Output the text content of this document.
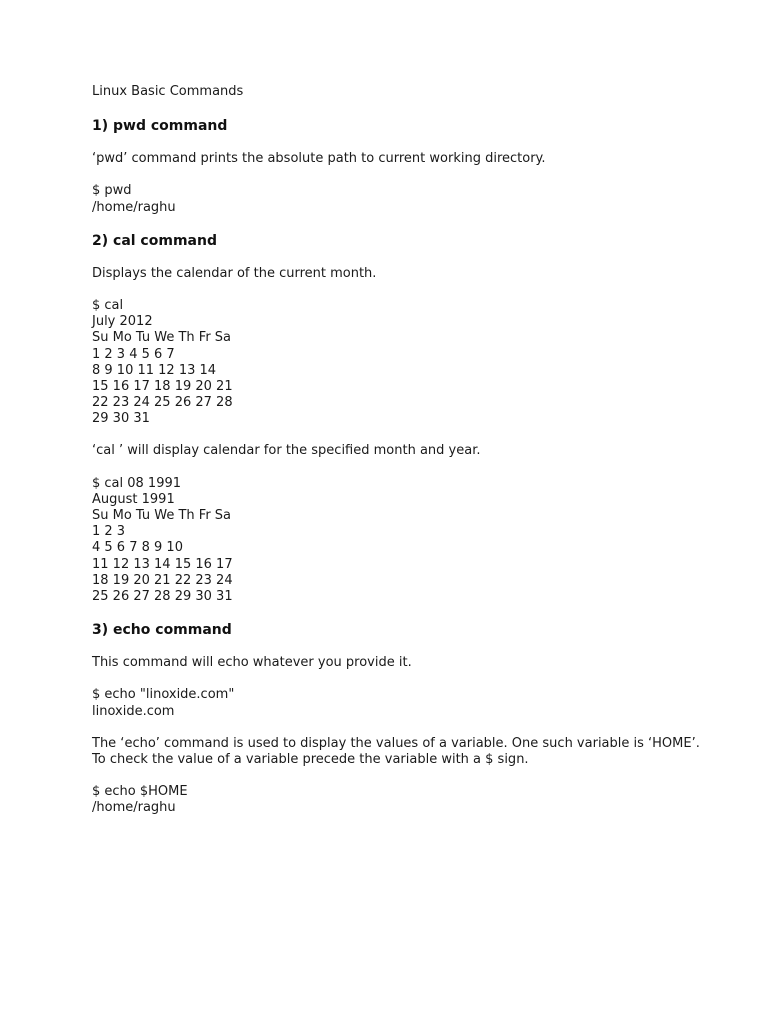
Linux Basic Commands
1) pwd command
‘pwd’ command prints the absolute path to current working directory.
$ pwd
/home/raghu
2) cal command
Displays the calendar of the current month.
$ cal
July 2012
Su Mo Tu We Th Fr Sa
1 2 3 4 5 6 7
8 9 10 11 12 13 14
15 16 17 18 19 20 21
22 23 24 25 26 27 28
29 30 31
‘cal ’ will display calendar for the specified month and year.
$ cal 08 1991
August 1991
Su Mo Tu We Th Fr Sa
1 2 3
4 5 6 7 8 9 10
11 12 13 14 15 16 17
18 19 20 21 22 23 24
25 26 27 28 29 30 31
3) echo command
This command will echo whatever you provide it.
$ echo "linoxide.com"
linoxide.com
The ‘echo’ command is used to display the values of a variable. One such variable is ‘HOME’.
To check the value of a variable precede the variable with a $ sign.
$ echo $HOME
/home/raghu
